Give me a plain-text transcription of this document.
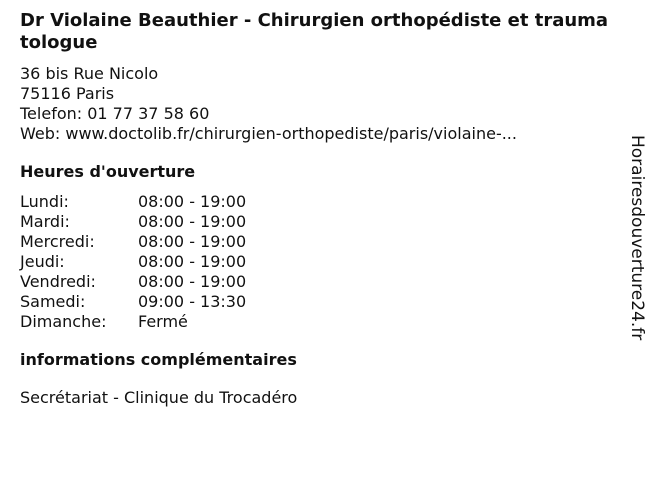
Dr Violaine Beauthier - Chirurgien orthopédiste et traumatologue
36 bis Rue Nicolo
75116 Paris
Telefon: 01 77 37 58 60
Web: www.doctolib.fr/chirurgien-orthopediste/paris/violaine-...
Heures d'ouverture
Lundi:	08:00 - 19:00
Mardi:	08:00 - 19:00
Mercredi:	08:00 - 19:00
Jeudi:	08:00 - 19:00
Vendredi:	08:00 - 19:00
Samedi:	09:00 - 13:30
Dimanche:	Fermé
informations complémentaires
Secrétariat - Clinique du Trocadéro
Horairesdouverture24.fr
